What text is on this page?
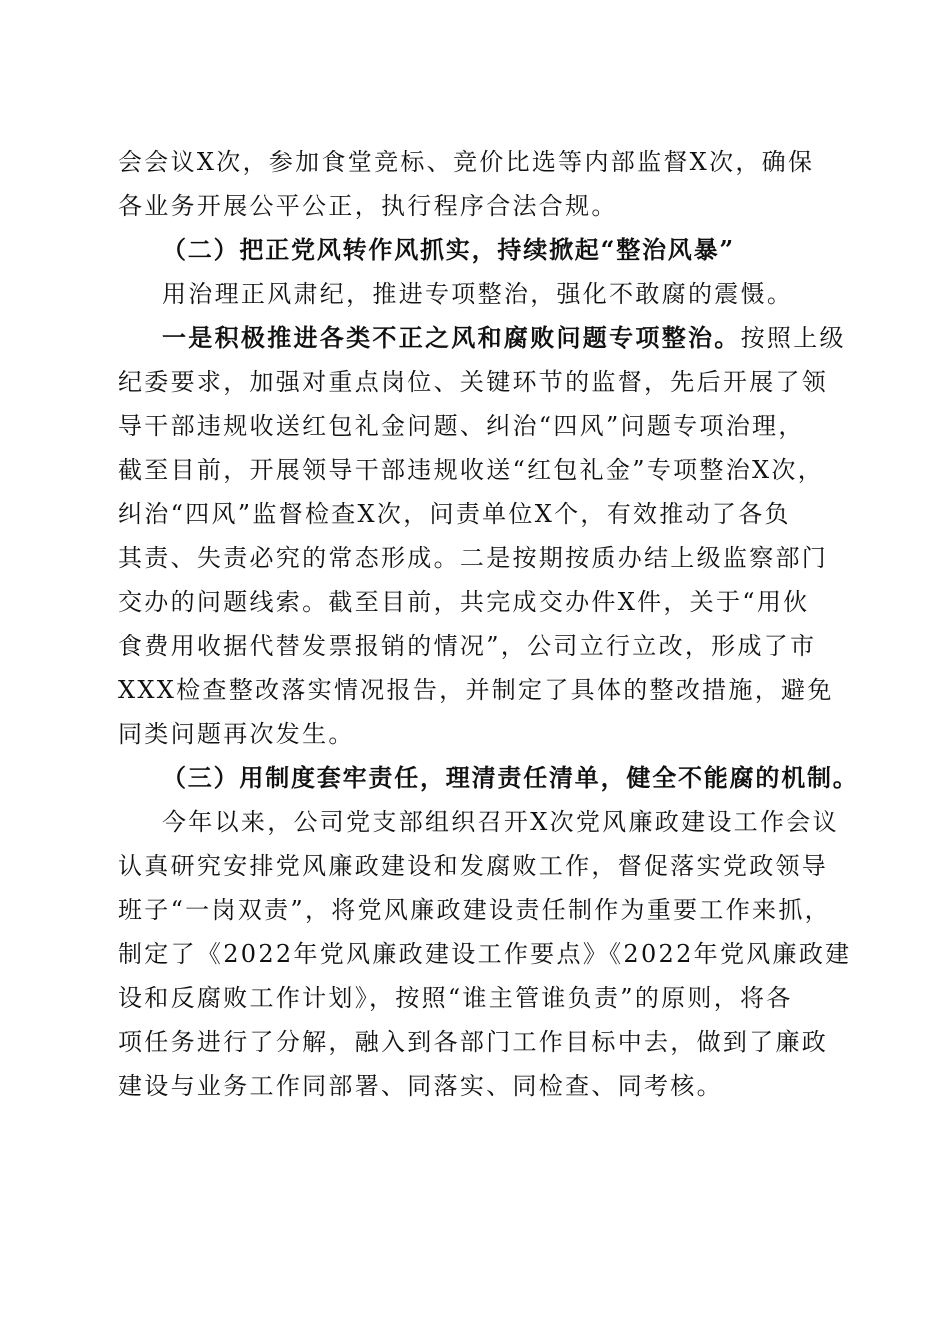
会会议X次，参加食堂竞标、竞价比选等内部监督X次，确保
各业务开展公平公正，执行程序合法合规。
（二）把正党风转作风抓实，持续掀起“整治风暴”
用治理正风肃纪，推进专项整治，强化不敢腐的震慑。
一是积极推进各类不正之风和腐败问题专项整治。按照上级
纪委要求，加强对重点岗位、关键环节的监督，先后开展了领
导干部违规收送红包礼金问题、纠治“四风”问题专项治理，
截至目前，开展领导干部违规收送“红包礼金”专项整治X次，
纠治“四风”监督检查X次，问责单位X个，有效推动了各负
其责、失责必究的常态形成。二是按期按质办结上级监察部门
交办的问题线索。截至目前，共完成交办件X件，关于“用伙
食费用收据代替发票报销的情况”，公司立行立改，形成了市
XXX检查整改落实情况报告，并制定了具体的整改措施，避免
同类问题再次发生。
（三）用制度套牢责任，理清责任清单，健全不能腐的机制。
今年以来，公司党支部组织召开X次党风廉政建设工作会议
认真研究安排党风廉政建设和发腐败工作，督促落实党政领导
班子“一岗双责”，将党风廉政建设责任制作为重要工作来抓，
制定了《2022年党风廉政建设工作要点》《2022年党风廉政建
设和反腐败工作计划》，按照“谁主管谁负责”的原则，将各
项任务进行了分解，融入到各部门工作目标中去，做到了廉政
建设与业务工作同部署、同落实、同检查、同考核。
